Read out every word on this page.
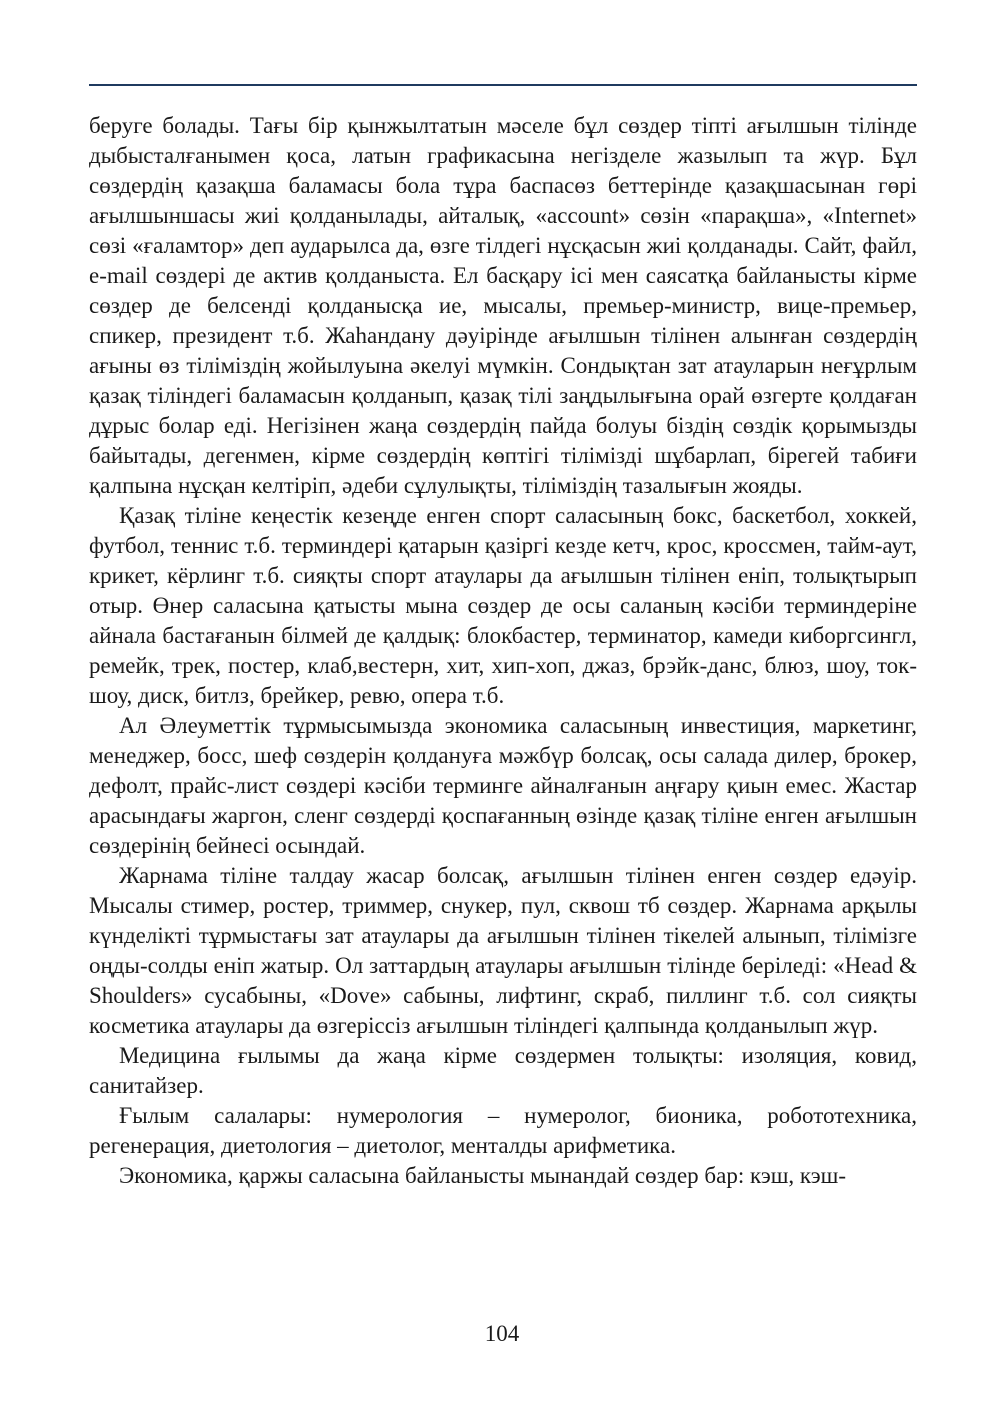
беруге болады. Тағы бір қынжылтатын мәселе бұл сөздер тіпті ағылшын тілінде дыбысталғанымен қоса, латын графикасына негізделе жазылып та жүр. Бұл сөздердің қазақша баламасы бола тұра баспасөз беттерінде қазақшасынан гөрі ағылшыншасы жиі қолданылады, айталық, «account» сөзін «парақша», «Internet» сөзі «ғаламтор» деп аударылса да, өзге тілдегі нұсқасын жиі қолданады. Сайт, файл, e-mail сөздері де актив қолданыста. Ел басқару ісі мен саясатқа байланысты кірме сөздер де белсенді қолданысқа ие, мысалы, премьер-министр, вице-премьер, спикер, президент т.б. Жаһандану дәуірінде ағылшын тілінен алынған сөздердің ағыны өз тіліміздің жойылуына әкелуі мүмкін. Сондықтан зат атауларын неғұрлым қазақ тіліндегі баламасын қолданып, қазақ тілі заңдылығына орай өзгерте қолдаған дұрыс болар еді. Негізінен жаңа сөздердің пайда болуы біздің сөздік қорымызды байытады, дегенмен, кірме сөздердің көптігі тілімізді шұбарлап, бірегей табиғи қалпына нұсқан келтіріп, әдеби сұлулықты, тіліміздің тазалығын жояды.

Қазақ тіліне кеңестік кезеңде енген спорт саласының бокс, баскетбол, хоккей, футбол, теннис т.б. терминдері қатарын қазіргі кезде кетч, крос, кроссмен, тайм-аут, крикет, кёрлинг т.б. сияқты спорт атаулары да ағылшын тілінен еніп, толықтырып отыр. Өнер саласына қатысты мына сөздер де осы саланың кәсіби терминдеріне айнала бастағанын білмей де қалдық: блокбастер, терминатор, камеди киборгсингл, ремейк, трек, постер, клаб,вестерн, хит, хип-хоп, джаз, брэйк-данс, блюз, шоу, ток-шоу, диск, битлз, брейкер, ревю, опера т.б.

Ал Әлеуметтік тұрмысымызда экономика саласының инвестиция, маркетинг, менеджер, босс, шеф сөздерін қолдануға мәжбүр болсақ, осы салада дилер, брокер, дефолт, прайс-лист сөздері кәсіби терминге айналғанын аңғару қиын емес. Жастар арасындағы жаргон, сленг сөздерді қоспағанның өзінде қазақ тіліне енген ағылшын сөздерінің бейнесі осындай.

Жарнама тіліне талдау жасар болсақ, ағылшын тілінен енген сөздер едәуір. Мысалы стимер, ростер, триммер, снукер, пул, сквош тб сөздер. Жарнама арқылы күнделікті тұрмыстағы зат атаулары да ағылшын тілінен тікелей алынып, тілімізге оңды-солды еніп жатыр. Ол заттардың атаулары ағылшын тілінде беріледі: «Head & Shoulders» сусабыны, «Dove» сабыны, лифтинг, скраб, пиллинг т.б. сол сияқты косметика атаулары да өзгеріссіз ағылшын тіліндегі қалпында қолданылып жүр.

Медицина ғылымы да жаңа кірме сөздермен толықты: изоляция, ковид, санитайзер.

Ғылым салалары: нумерология – нумеролог, бионика, робототехника, регенерация, диетология – диетолог, менталды арифметика.

Экономика, қаржы саласына байланысты мынандай сөздер бар: кэш, кэш-

104
